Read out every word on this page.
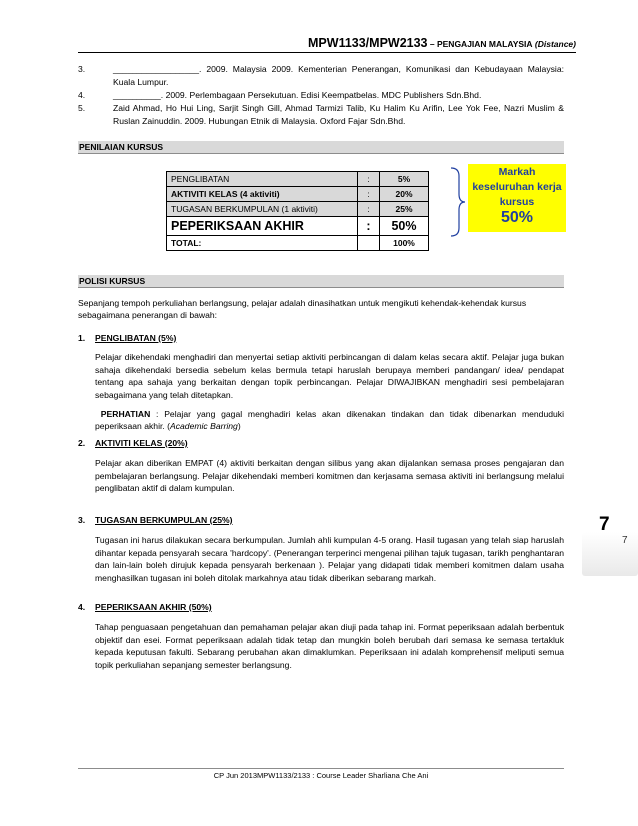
MPW1133/MPW2133 – PENGAJIAN MALAYSIA (Distance)
3.	__________________. 2009. Malaysia 2009. Kementerian Penerangan, Komunikasi dan Kebudayaan Malaysia: Kuala Lumpur.
4.	__________. 2009. Perlembagaan Persekutuan. Edisi Keempatbelas. MDC Publishers Sdn.Bhd.
5.	Zaid Ahmad, Ho Hui Ling, Sarjit Singh Gill, Ahmad Tarmizi Talib, Ku Halim Ku Arifin, Lee Yok Fee, Nazri Muslim & Ruslan Zainuddin. 2009. Hubungan Etnik di Malaysia. Oxford Fajar Sdn.Bhd.
PENILAIAN KURSUS
PENGLIBATAN	:	5%
AKTIVITI KELAS (4 aktiviti)	:	20%
TUGASAN BERKUMPULAN (1 aktiviti)	:	25%
PEPERIKSAAN AKHIR	:	50%
TOTAL:		100%
Markah
keseluruhan kerja
kursus
50%
POLISI KURSUS
Sepanjang tempoh perkuliahan berlangsung, pelajar adalah dinasihatkan untuk mengikuti kehendak-kehendak kursus sebagaimana penerangan di bawah:
1.	PENGLIBATAN (5%)
Pelajar dikehendaki menghadiri dan menyertai setiap aktiviti perbincangan di dalam kelas secara aktif. Pelajar juga bukan sahaja dikehendaki bersedia sebelum kelas bermula tetapi haruslah berupaya memberi pandangan/ idea/ pendapat tentang apa sahaja yang berkaitan dengan topik perbincangan. Pelajar DIWAJIBKAN menghadiri sesi pembelajaran sebagaimana yang telah ditetapkan.
PERHATIAN : Pelajar yang gagal menghadiri kelas akan dikenakan tindakan dan tidak dibenarkan menduduki peperiksaan akhir. (Academic Barring)
2.	AKTIVITI KELAS (20%)
Pelajar akan diberikan EMPAT (4) aktiviti berkaitan dengan silibus yang akan dijalankan semasa proses pengajaran dan pembelajaran berlangsung. Pelajar dikehendaki memberi komitmen dan kerjasama semasa aktiviti ini berlangsung melalui penglibatan aktif di dalam kumpulan.
3.	TUGASAN BERKUMPULAN (25%)
Tugasan ini harus dilakukan secara berkumpulan. Jumlah ahli kumpulan 4-5 orang. Hasil tugasan yang telah siap haruslah dihantar kepada pensyarah secara 'hardcopy'. (Penerangan terperinci mengenai pilihan tajuk tugasan, tarikh penghantaran dan lain-lain boleh dirujuk kepada pensyarah berkenaan ). Pelajar yang didapati tidak memberi komitmen dalam usaha menghasilkan tugasan ini boleh ditolak markahnya atau tidak diberikan sebarang markah.
4.	PEPERIKSAAN AKHIR (50%)
Tahap penguasaan pengetahuan dan pemahaman pelajar akan diuji pada tahap ini. Format peperiksaan adalah berbentuk objektif dan esei. Format peperiksaan adalah tidak tetap dan mungkin boleh berubah dari semasa ke semasa tertakluk kepada keputusan fakulti. Sebarang perubahan akan dimaklumkan. Peperiksaan ini adalah komprehensif meliputi semua topik perkuliahan sepanjang semester berlangsung.
7
7
CP Jun 2013MPW1133/2133 : Course Leader Sharliana Che Ani
